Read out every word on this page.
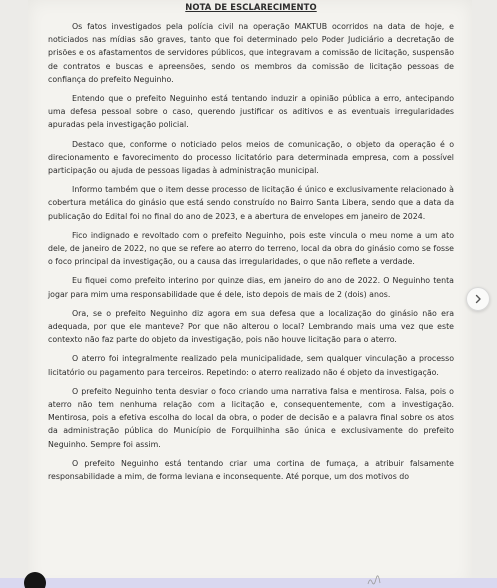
NOTA DE ESCLARECIMENTO

Os fatos investigados pela polícia civil na operação MAKTUB ocorridos na data de hoje, e noticiados nas mídias são graves, tanto que foi determinado pelo Poder Judiciário a decretação de prisões e os afastamentos de servidores públicos, que integravam a comissão de licitação, suspensão de contratos e buscas e apreensões, sendo os membros da comissão de licitação pessoas de confiança do prefeito Neguinho.

Entendo que o prefeito Neguinho está tentando induzir a opinião pública a erro, antecipando uma defesa pessoal sobre o caso, querendo justificar os aditivos e as eventuais irregularidades apuradas pela investigação policial.

Destaco que, conforme o noticiado pelos meios de comunicação, o objeto da operação é o direcionamento e favorecimento do processo licitatório para determinada empresa, com a possível participação ou ajuda de pessoas ligadas à administração municipal.

Informo também que o item desse processo de licitação é único e exclusivamente relacionado à cobertura metálica do ginásio que está sendo construído no Bairro Santa Libera, sendo que a data da publicação do Edital foi no final do ano de 2023, e a abertura de envelopes em janeiro de 2024.

Fico indignado e revoltado com o prefeito Neguinho, pois este vincula o meu nome a um ato dele, de janeiro de 2022, no que se refere ao aterro do terreno, local da obra do ginásio como se fosse o foco principal da investigação, ou a causa das irregularidades, o que não reflete a verdade.

Eu fiquei como prefeito interino por quinze dias, em janeiro do ano de 2022. O Neguinho tenta jogar para mim uma responsabilidade que é dele, isto depois de mais de 2 (dois) anos.

Ora, se o prefeito Neguinho diz agora em sua defesa que a localização do ginásio não era adequada, por que ele manteve? Por que não alterou o local? Lembrando mais uma vez que este contexto não faz parte do objeto da investigação, pois não houve licitação para o aterro.

O aterro foi integralmente realizado pela municipalidade, sem qualquer vinculação a processo licitatório ou pagamento para terceiros. Repetindo: o aterro realizado não é objeto da investigação.

O prefeito Neguinho tenta desviar o foco criando uma narrativa falsa e mentirosa. Falsa, pois o aterro não tem nenhuma relação com a licitação e, consequentemente, com a investigação. Mentirosa, pois a efetiva escolha do local da obra, o poder de decisão e a palavra final sobre os atos da administração pública do Município de Forquilhinha são única e exclusivamente do prefeito Neguinho. Sempre foi assim.

O prefeito Neguinho está tentando criar uma cortina de fumaça, a atribuir falsamente responsabilidade a mim, de forma leviana e inconsequente. Até porque, um dos motivos do
